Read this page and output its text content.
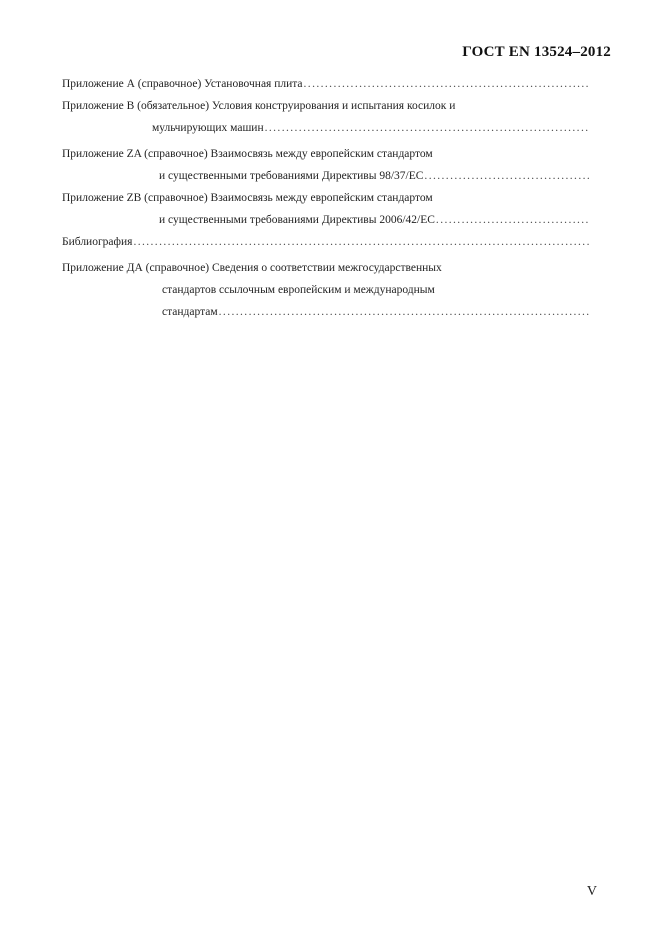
ГОСТ EN 13524–2012
Приложение А (справочное) Установочная плита
.....
Приложение В (обязательное) Условия конструирования и испытания косилок и
мульчирующих машин
.....
Приложение ZA (справочное) Взаимосвязь между европейским стандартом
и существенными требованиями Директивы 98/37/ЕС
.....
Приложение ZB (справочное) Взаимосвязь между европейским стандартом
и существенными требованиями Директивы 2006/42/ЕС
.....
Библиография
.....
Приложение ДА (справочное) Сведения о соответствии межгосударственных
стандартов ссылочным европейским и международным
стандартам
.....
V
